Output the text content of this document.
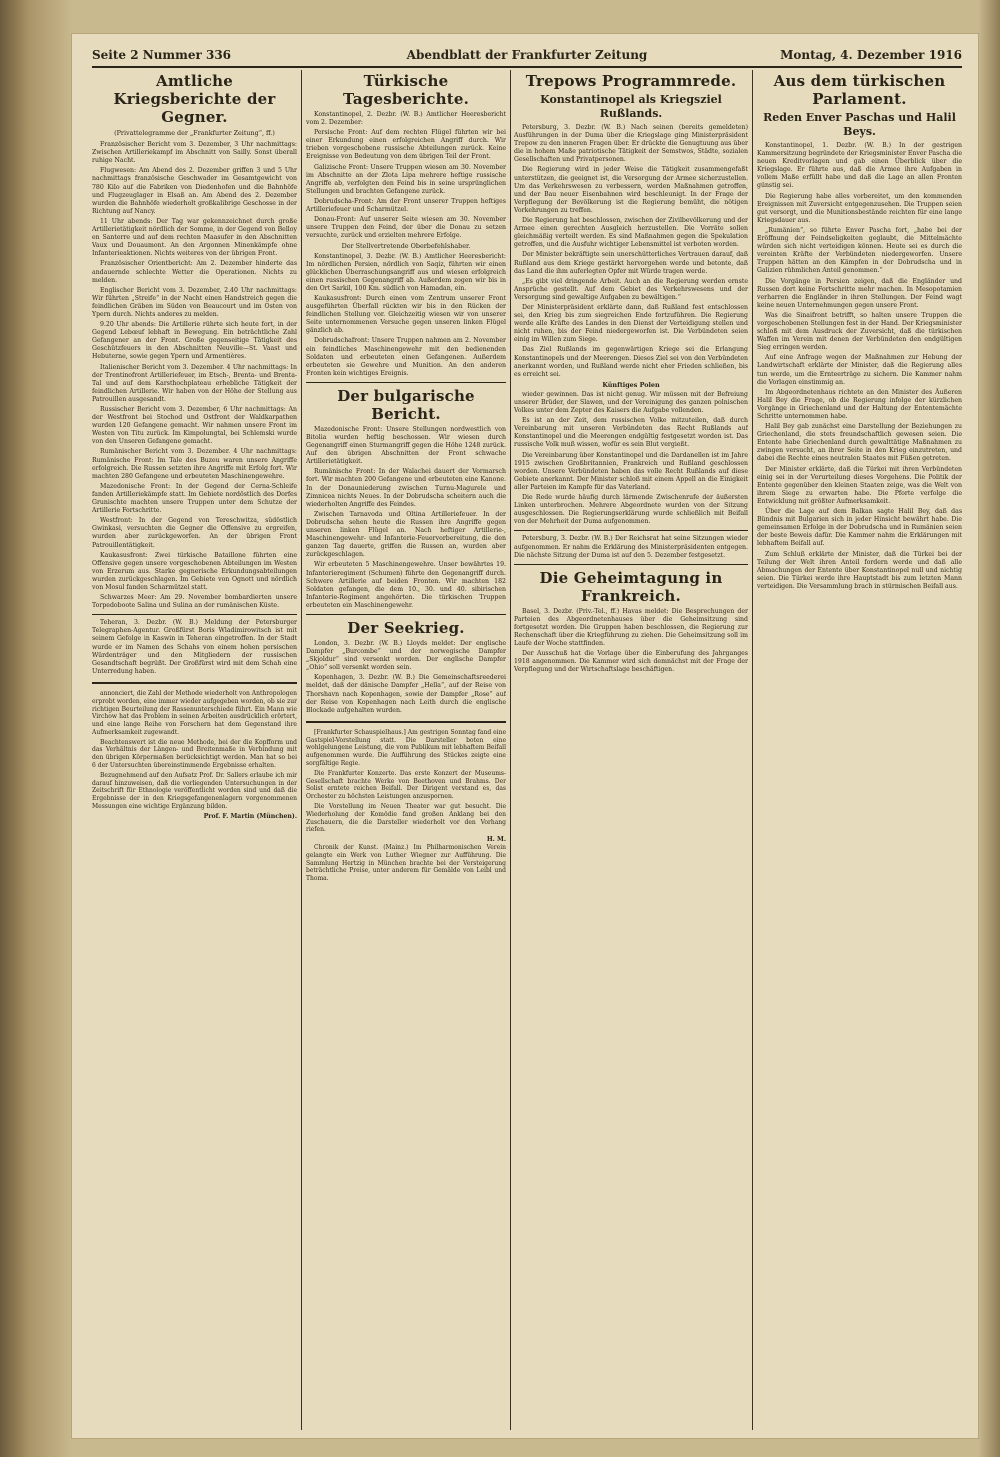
Seite 2 Nummer 336	Abendblatt der Frankfurter Zeitung	Montag, 4. Dezember 1916
Amtliche Kriegsberichte der Gegner.
(Privattelegramme der „Frankfurter Zeitung“, ff.)

Französischer Bericht vom 3. Dezember, 3 Uhr nachmittags: Zwischen Artilleriekampf im Abschnitt von Sailly. Sonst überall ruhige Nacht.

Flugwesen: Am Abend des 2. Dezember griffen 3 und 5 Uhr nachmittags französische Geschwader im Gesamtgewicht von 780 Kilo auf die Fabriken von Diedenhofen und die Bahnhöfe und Flugzeuglager in Elsaß an. Am Abend des 2. Dezember wurden die Bahnhöfe wiederholt großkalibrige Geschosse in der Richtung auf Nancy.

11 Uhr abends: Der Tag war gekennzeichnet durch große Artillerietätigkeit nördlich der Somme, in der Gegend von Belloy en Santerre und auf dem rechten Maasufer in den Abschnitten Vaux und Douaumont. An den Argonnen Minenkämpfe ohne Infanterieaktionen. Nichts weiteres von der übrigen Front.

Französischer Orientbericht: Am 2. Dezember hinderte das andauernde schlechte Wetter die Operationen. Nichts zu melden.

Englischer Bericht vom 3. Dezember, 2.40 Uhr nachmittags: Wir führten „Streife“ in der Nacht einen Handstreich gegen die feindlichen Gräben im Süden von Beaucourt und im Osten von Ypern durch. Nichts anderes zu melden.

9.20 Uhr abends: Die Artillerie rührte sich heute fort, in der Gegend Lebœuf lebhaft in Bewegung. Ein beträchtliche Zahl Gefangener an der Front. Große gegenseitige Tätigkeit des Geschützfeuers in den Abschnitten Neuville—St. Vaast und Hebuterne, sowie gegen Ypern und Armentières.

Italienischer Bericht vom 3. Dezember. 4 Uhr nachmittags: In der Trentinofront Artilleriefeuer, im Etsch-, Brenta- und Brenta-Tal und auf dem Karsthochplateau erhebliche Tätigkeit der feindlichen Artillerie. Wir haben von der Höhe der Stellung aus Patrouillen ausgesandt.

Russischer Bericht vom 3. Dezember, 6 Uhr nachmittags: An der Westfront bei Stochod und Ostfront der Waldkarpathen wurden 120 Gefangene gemacht. Wir nahmen unsere Front im Westen von Titu zurück. Im Kimpolungtal, bei Schlemski wurde von den Unseren Gefangene gemacht.

Rumänischer Bericht vom 3. Dezember. 4 Uhr nachmittags: Rumänische Front: Im Tale des Buzeu waren unsere Angriffe erfolgreich. Die Russen setzten ihre Angriffe mit Erfolg fort. Wir machten 280 Gefangene und erbeuteten Maschinengewehre.

Mazedonische Front: In der Gegend der Cerna-Schleife fanden Artilleriekämpfe statt. Im Gebiete nordöstlich des Dorfes Grunischte machten unsere Truppen unter dem Schutze der Artillerie Fortschritte.

Westfront: In der Gegend von Tereschwitza, südöstlich Gwinkasi, versuchten die Gegner die Offensive zu ergreifen, wurden aber zurückgeworfen. An der übrigen Front Patrouillentätigkeit.

Kaukasusfront: Zwei türkische Bataillone führten eine Offensive gegen unsere vorgeschobenen Abteilungen im Westen von Erzerum aus. Starke gegnerische Erkundungsabteilungen wurden zurückgeschlagen. Im Gebiete von Ognott und nördlich von Mosul fanden Scharmützel statt.

Schwarzes Meer: Am 29. November bombardierten unsere Torpedoboote Salina und Sulina an der rumänischen Küste.

Teheran, 3. Dezbr. (W. B.) Meldung der Petersburger Telegraphen-Agentur. Großfürst Boris Wladimirowitsch ist mit seinem Gefolge in Kaswin in Teheran eingetroffen. In der Stadt wurde er im Namen des Schahs von einem hohen persischen Würdenträger und den Mitgliedern der russischen Gesandtschaft begrüßt. Der Großfürst wird mit dem Schah eine Unterredung haben.

annonciert, die Zahl der Methode wiederholt von Anthropologen erprobt worden, eine immer wieder aufgegeben worden, ob sie zur richtigen Beurteilung der Rassenunterschiede führt. Ein Mann wie Virchow hat das Problem in seinen Arbeiten ausdrücklich erörtert, und eine lange Reihe von Forschern hat dem Gegenstand ihre Aufmerksamkeit zugewandt.

Beachtenswert ist die neue Methode, bei der die Kopfform und das Verhältnis der Längen- und Breitenmaße in Verbindung mit den übrigen Körpermaßen berücksichtigt werden. Man hat so bei 6 der Untersuchten übereinstimmende Ergebnisse erhalten.

Bezugnehmend auf den Aufsatz Prof. Dr. Sallers erlaube ich mir darauf hinzuweisen, daß die vorliegenden Untersuchungen in der Zeitschrift für Ethnologie veröffentlicht worden sind und daß die Ergebnisse der in den Kriegsgefangenenlagern vorgenommenen Messungen eine wichtige Ergänzung bilden.

Prof. F. Martin (München).
Türkische Tagesberichte.

Konstantinopel, 2. Dezbr. (W. B.) Amtlicher Heeresbericht vom 2. Dezember:

Persische Front: Auf dem rechten Flügel führten wir bei einer Erkundung einen erfolgreichen Angriff durch. Wir trieben vorgeschobene russische Abteilungen zurück. Keine Ereignisse von Bedeutung von dem übrigen Teil der Front.

Galizische Front: Unsere Truppen wiesen am 30. November im Abschnitte an der Zlota Lipa mehrere heftige russische Angriffe ab, verfolgten den Feind bis in seine ursprünglichen Stellungen und brachten Gefangene zurück.

Dobrudscha-Front: Am der Front unserer Truppen heftiges Artilleriefeuer und Scharmützel.

Donau-Front: Auf unserer Seite wiesen am 30. November unsere Truppen den Feind, der über die Donau zu setzen versuchte, zurück und erzielten mehrere Erfolge.

Der Stellvertretende Oberbefehlshaber.

Konstantinopel, 3. Dezbr. (W. B.) Amtlicher Heeresbericht: Im nördlichen Persien, nördlich von Saqiz, führten wir einen glücklichen Überraschungsangriff aus und wiesen erfolgreich einen russischen Gegenangriff ab. Außerdem zogen wir bis in den Ort Sarkil, 100 Km. südlich von Hamadan, ein.

Kaukasusfront: Durch einen vom Zentrum unserer Front ausgeführten Überfall rückten wir bis in den Rücken der feindlichen Stellung vor. Gleichzeitig wiesen wir von unserer Seite unternommenen Versuche gegen unseren linken Flügel gänzlich ab.

Dobrudschafront: Unsere Truppen nahmen am 2. November ein feindliches Maschinengewehr mit den bedienenden Soldaten und erbeuteten einen Gefangenen. Außerdem erbeuteten sie Gewehre und Munition. An den anderen Fronten kein wichtiges Ereignis.

Der bulgarische Bericht.

Mazedonische Front: Unsere Stellungen nordwestlich von Bitolia wurden heftig beschossen. Wir wiesen durch Gegenangriff einen Sturmangriff gegen die Höhe 1248 zurück. Auf den übrigen Abschnitten der Front schwache Artillerietätigkeit.

Rumänische Front: In der Walachei dauert der Vormarsch fort. Wir machten 200 Gefangene und erbeuteten eine Kanone. In der Donauniederung zwischen Turnu-Magurele und Zimnicea nichts Neues. In der Dobrudscha scheitern auch die wiederholten Angriffe des Feindes.

Zwischen Tarnavoda und Oltina Artilleriefeuer. In der Dobrudscha sehen heute die Russen ihre Angriffe gegen unseren linken Flügel an. Nach heftiger Artillerie-, Maschinengewehr- und Infanterie-Feuervorbereitung, die den ganzen Tag dauerte, griffen die Russen an, wurden aber zurückgeschlagen.

Wir erbeuteten 5 Maschinengewehre. Unser bewährtes 19. Infanterieregiment (Schumen) führte den Gegenangriff durch. Schwere Artillerie auf beiden Fronten. Wir machten 182 Soldaten gefangen, die dem 10., 30. und 40. sibirischen Infanterie-Regiment angehörten. Die türkischen Truppen erbeuteten ein Maschinengewehr.

Der Seekrieg.

London, 3. Dezbr. (W. B.) Lloyds meldet: Der englische Dampfer „Burcombe“ und der norwegische Dampfer „Skjoldur“ sind versenkt worden. Der englische Dampfer „Ohio“ soll versenkt worden sein.

Kopenhagen, 3. Dezbr. (W. B.) Die Gemeinschaftsreederei meldet, daß der dänische Dampfer „Hella“, auf der Reise von Thorshavn nach Kopenhagen, sowie der Dampfer „Rose“ auf der Reise von Kopenhagen nach Leith durch die englische Blockade aufgehalten wurden.

[Frankfurter Schauspielhaus.] Am gestrigen Sonntag fand eine Gastspiel-Vorstellung statt. Die Darsteller boten eine wohlgelungene Leistung, die vom Publikum mit lebhaftem Beifall aufgenommen wurde. Die Aufführung des Stückes zeigte eine sorgfältige Regie.

Die Frankfurter Konzerte. Das erste Konzert der Museums-Gesellschaft brachte Werke von Beethoven und Brahms. Der Solist erntete reichen Beifall. Der Dirigent verstand es, das Orchester zu höchsten Leistungen anzuspornen.

Die Vorstellung im Neuen Theater war gut besucht. Die Wiederholung der Komödie fand großen Anklang bei den Zuschauern, die die Darsteller wiederholt vor den Vorhang riefen.

H. M.

Chronik der Kunst. (Mainz.) Im Philharmonischen Verein gelangte ein Werk von Luther Wiegner zur Aufführung. Die Sammlung Hertzig in München brachte bei der Versteigerung beträchtliche Preise, unter anderem für Gemälde von Leibl und Thoma.

Trepows Programmrede.
Konstantinopel als Kriegsziel Rußlands.

Petersburg, 3. Dezbr. (W. B.) Nach seinen (bereits gemeldeten) Ausführungen in der Duma über die Kriegslage ging Ministerpräsident Trepow zu den inneren Fragen über. Er drückte die Genugtuung aus über die in hohem Maße patriotische Tätigkeit der Semstwos, Städte, sozialen Gesellschaften und Privatpersonen.

Die Regierung wird in jeder Weise die Tätigkeit zusammengefaßt unterstützen, die geeignet ist, die Versorgung der Armee sicherzustellen. Um das Verkehrswesen zu verbessern, werden Maßnahmen getroffen, und der Bau neuer Eisenbahnen wird beschleunigt. In der Frage der Verpflegung der Bevölkerung ist die Regierung bemüht, die nötigen Vorkehrungen zu treffen.

Die Regierung hat beschlossen, zwischen der Zivilbevölkerung und der Armee einen gerechten Ausgleich herzustellen. Die Vorräte sollen gleichmäßig verteilt werden. Es sind Maßnahmen gegen die Spekulation getroffen, und die Ausfuhr wichtiger Lebensmittel ist verboten worden.

Der Minister bekräftigte sein unerschütterliches Vertrauen darauf, daß Rußland aus dem Kriege gestärkt hervorgehen werde und betonte, daß das Land die ihm auferlegten Opfer mit Würde tragen werde.

„Es gibt viel dringende Arbeit. Auch an die Regierung werden ernste Ansprüche gestellt. Auf dem Gebiet des Verkehrswesens und der Versorgung sind gewaltige Aufgaben zu bewältigen.“

Der Ministerpräsident erklärte dann, daß Rußland fest entschlossen sei, den Krieg bis zum siegreichen Ende fortzuführen. Die Regierung werde alle Kräfte des Landes in den Dienst der Verteidigung stellen und nicht ruhen, bis der Feind niedergeworfen ist. Die Verbündeten seien einig im Willen zum Siege.

Das Ziel Rußlands im gegenwärtigen Kriege sei die Erlangung Konstantinopels und der Meerengen. Dieses Ziel sei von den Verbündeten anerkannt worden, und Rußland werde nicht eher Frieden schließen, bis es erreicht sei.

Künftiges Polen

wieder gewinnen. Das ist nicht genug. Wir müssen mit der Befreiung unserer Brüder, der Slawen, und der Vereinigung des ganzen polnischen Volkes unter dem Zepter des Kaisers die Aufgabe vollenden.

Es ist an der Zeit, dem russischen Volke mitzuteilen, daß durch Vereinbarung mit unseren Verbündeten das Recht Rußlands auf Konstantinopel und die Meerengen endgültig festgesetzt worden ist. Das russische Volk muß wissen, wofür es sein Blut vergießt.

Die Vereinbarung über Konstantinopel und die Dardanellen ist im Jahre 1915 zwischen Großbritannien, Frankreich und Rußland geschlossen worden. Unsere Verbündeten haben das volle Recht Rußlands auf diese Gebiete anerkannt. Der Minister schloß mit einem Appell an die Einigkeit aller Parteien im Kampfe für das Vaterland.

Die Rede wurde häufig durch lärmende Zwischenrufe der äußersten Linken unterbrochen. Mehrere Abgeordnete wurden von der Sitzung ausgeschlossen. Die Regierungserklärung wurde schließlich mit Beifall von der Mehrheit der Duma aufgenommen.

Petersburg, 3. Dezbr. (W. B.) Der Reichsrat hat seine Sitzungen wieder aufgenommen. Er nahm die Erklärung des Ministerpräsidenten entgegen. Die nächste Sitzung der Duma ist auf den 5. Dezember festgesetzt.

Die Geheimtagung in Frankreich.

Basel, 3. Dezbr. (Priv.-Tel., ff.) Havas meldet: Die Besprechungen der Parteien des Abgeordnetenhauses über die Geheimsitzung sind fortgesetzt worden. Die Gruppen haben beschlossen, die Regierung zur Rechenschaft über die Kriegführung zu ziehen. Die Geheimsitzung soll im Laufe der Woche stattfinden.

Der Ausschuß hat die Vorlage über die Einberufung des Jahrganges 1918 angenommen. Die Kammer wird sich demnächst mit der Frage der Verpflegung und der Wirtschaftslage beschäftigen.

Aus dem türkischen Parlament.
Reden Enver Paschas und Halil Beys.

Konstantinopel, 1. Dezbr. (W. B.) In der gestrigen Kammersitzung begründete der Kriegsminister Enver Pascha die neuen Kreditvorlagen und gab einen Überblick über die Kriegslage. Er führte aus, daß die Armee ihre Aufgaben in vollem Maße erfüllt habe und daß die Lage an allen Fronten günstig sei.

Die Regierung habe alles vorbereitet, um den kommenden Ereignissen mit Zuversicht entgegenzusehen. Die Truppen seien gut versorgt, und die Munitionsbestände reichten für eine lange Kriegsdauer aus.

„Rumänien“, so führte Enver Pascha fort, „habe bei der Eröffnung der Feindseligkeiten geglaubt, die Mittelmächte würden sich nicht verteidigen können. Heute sei es durch die vereinten Kräfte der Verbündeten niedergeworfen. Unsere Truppen hätten an den Kämpfen in der Dobrudscha und in Galizien rühmlichen Anteil genommen.“

Die Vorgänge in Persien zeigen, daß die Engländer und Russen dort keine Fortschritte mehr machen. In Mesopotamien verharren die Engländer in ihren Stellungen. Der Feind wagt keine neuen Unternehmungen gegen unsere Front.

Was die Sinaifront betrifft, so halten unsere Truppen die vorgeschobenen Stellungen fest in der Hand. Der Kriegsminister schloß mit dem Ausdruck der Zuversicht, daß die türkischen Waffen im Verein mit denen der Verbündeten den endgültigen Sieg erringen werden.

Auf eine Anfrage wegen der Maßnahmen zur Hebung der Landwirtschaft erklärte der Minister, daß die Regierung alles tun werde, um die Ernteerträge zu sichern. Die Kammer nahm die Vorlagen einstimmig an.

Im Abgeordnetenhaus richtete an den Minister des Äußeren Halil Bey die Frage, ob die Regierung infolge der kürzlichen Vorgänge in Griechenland und der Haltung der Ententemächte Schritte unternommen habe.

Halil Bey gab zunächst eine Darstellung der Beziehungen zu Griechenland, die stets freundschaftlich gewesen seien. Die Entente habe Griechenland durch gewalttätige Maßnahmen zu zwingen versucht, an ihrer Seite in den Krieg einzutreten, und dabei die Rechte eines neutralen Staates mit Füßen getreten.

Der Minister erklärte, daß die Türkei mit ihren Verbündeten einig sei in der Verurteilung dieses Vorgehens. Die Politik der Entente gegenüber den kleinen Staaten zeige, was die Welt von ihrem Siege zu erwarten habe. Die Pforte verfolge die Entwicklung mit größter Aufmerksamkeit.

Über die Lage auf dem Balkan sagte Halil Bey, daß das Bündnis mit Bulgarien sich in jeder Hinsicht bewährt habe. Die gemeinsamen Erfolge in der Dobrudscha und in Rumänien seien der beste Beweis dafür. Die Kammer nahm die Erklärungen mit lebhaftem Beifall auf.

Zum Schluß erklärte der Minister, daß die Türkei bei der Teilung der Welt ihren Anteil fordern werde und daß alle Abmachungen der Entente über Konstantinopel null und nichtig seien. Die Türkei werde ihre Hauptstadt bis zum letzten Mann verteidigen. Die Versammlung brach in stürmischen Beifall aus.
